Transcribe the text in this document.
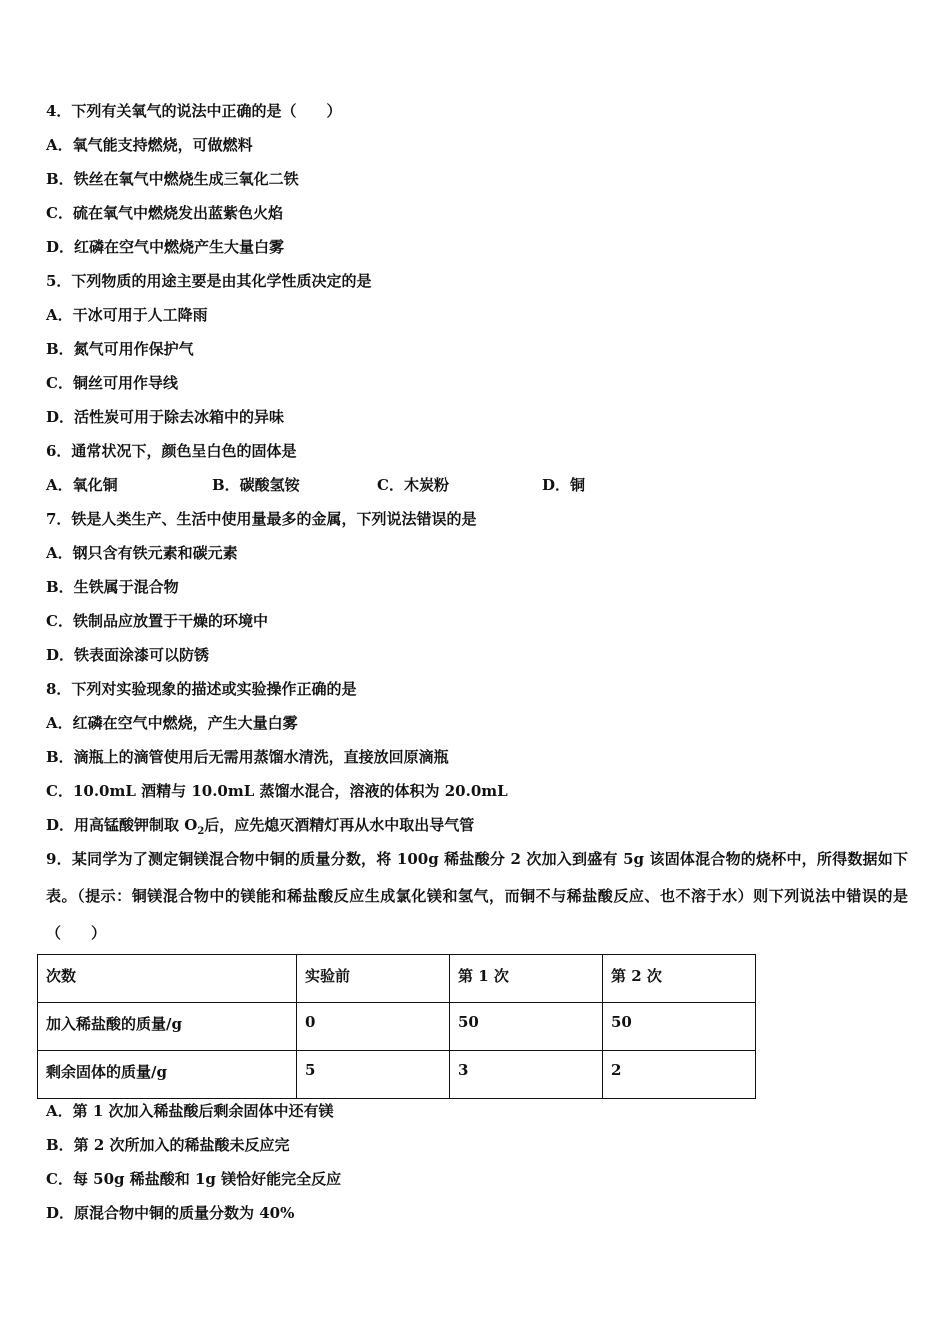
4．下列有关氧气的说法中正确的是（　　）
A．氧气能支持燃烧，可做燃料
B．铁丝在氧气中燃烧生成三氧化二铁
C．硫在氧气中燃烧发出蓝紫色火焰
D．红磷在空气中燃烧产生大量白雾
5．下列物质的用途主要是由其化学性质决定的是
A．干冰可用于人工降雨
B．氮气可用作保护气
C．铜丝可用作导线
D．活性炭可用于除去冰箱中的异味
6．通常状况下，颜色呈白色的固体是
A．氧化铜	B．碳酸氢铵	C．木炭粉	D．铜
7．铁是人类生产、生活中使用量最多的金属，下列说法错误的是
A．钢只含有铁元素和碳元素
B．生铁属于混合物
C．铁制品应放置于干燥的环境中
D．铁表面涂漆可以防锈
8．下列对实验现象的描述或实验操作正确的是
A．红磷在空气中燃烧，产生大量白雾
B．滴瓶上的滴管使用后无需用蒸馏水清洗，直接放回原滴瓶
C．10.0mL 酒精与 10.0mL 蒸馏水混合，溶液的体积为 20.0mL
D．用高锰酸钾制取 $O_2$后，应先熄灭酒精灯再从水中取出导气管
9．某同学为了测定铜镁混合物中铜的质量分数，将 100g 稀盐酸分 2 次加入到盛有 5g 该固体混合物的烧杯中，所得数据如下表。（提示：铜镁混合物中的镁能和稀盐酸反应生成氯化镁和氢气，而铜不与稀盐酸反应、也不溶于水）则下列说法中错误的是（　　）
次数	实验前	第 1 次	第 2 次
加入稀盐酸的质量/g	0	50	50
剩余固体的质量/g	5	3	2
A．第 1 次加入稀盐酸后剩余固体中还有镁
B．第 2 次所加入的稀盐酸未反应完
C．每 50g 稀盐酸和 1g 镁恰好能完全反应
D．原混合物中铜的质量分数为 40%
